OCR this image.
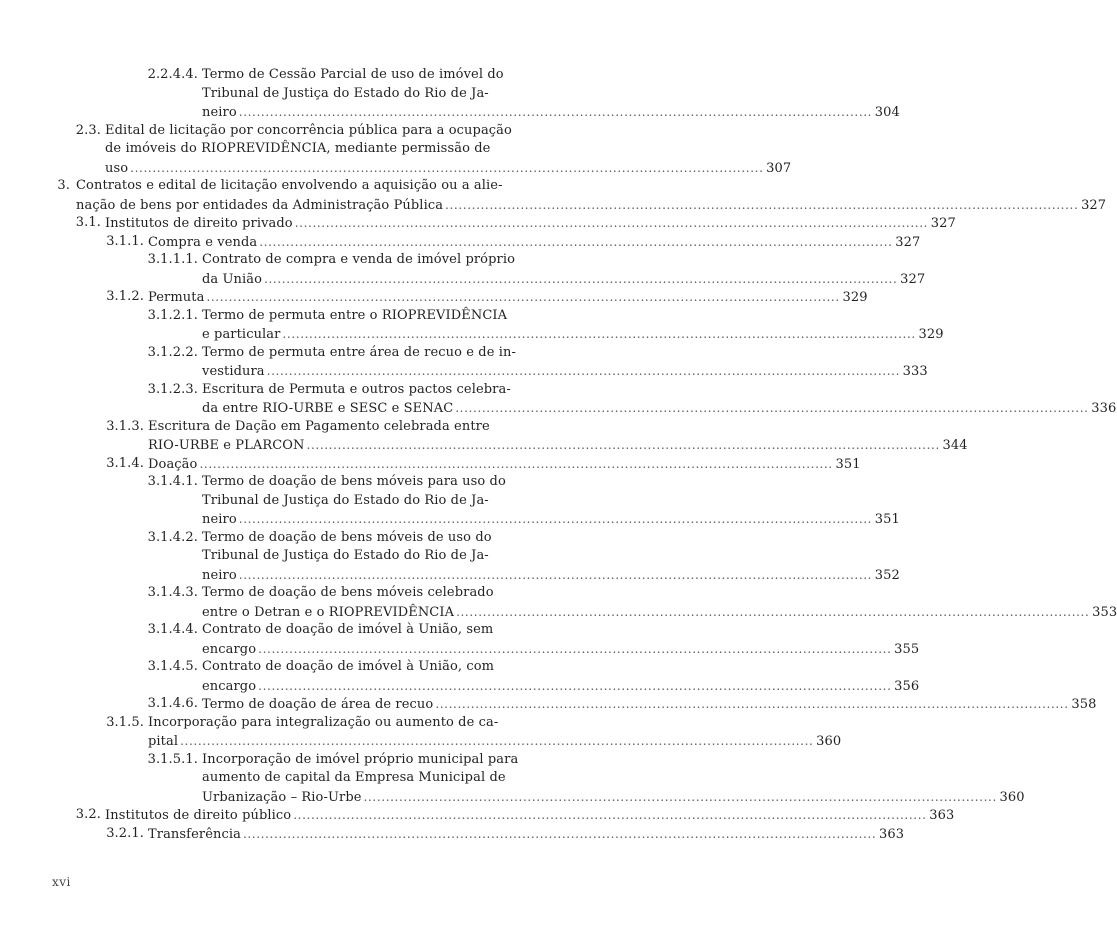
2.2.4.4. Termo de Cessão Parcial de uso de imóvel do
Tribunal de Justiça do Estado do Rio de Ja-
neiro . . .	304
2.3. Edital de licitação por concorrência pública para a ocupação
de imóveis do RIOPREVIDÊNCIA, mediante permissão de
uso . . .	307
3. Contratos e edital de licitação envolvendo a aquisição ou a alie-
nação de bens por entidades da Administração Pública . . .	327
3.1. Institutos de direito privado . . .	327
3.1.1. Compra e venda . . .	327
3.1.1.1. Contrato de compra e venda de imóvel próprio
da União . . .	327
3.1.2. Permuta . . .	329
3.1.2.1. Termo de permuta entre o RIOPREVIDÊNCIA
e particular . . .	329
3.1.2.2. Termo de permuta entre área de recuo e de in-
vestidura . . .	333
3.1.2.3. Escritura de Permuta e outros pactos celebra-
da entre RIO-URBE e SESC e SENAC . . .	336
3.1.3. Escritura de Dação em Pagamento celebrada entre
RIO-URBE e PLARCON . . .	344
3.1.4. Doação . . .	351
3.1.4.1. Termo de doação de bens móveis para uso do
Tribunal de Justiça do Estado do Rio de Ja-
neiro . . .	351
3.1.4.2. Termo de doação de bens móveis de uso do
Tribunal de Justiça do Estado do Rio de Ja-
neiro . . .	352
3.1.4.3. Termo de doação de bens móveis celebrado
entre o Detran e o RIOPREVIDÊNCIA . . .	353
3.1.4.4. Contrato de doação de imóvel à União, sem
encargo . . .	355
3.1.4.5. Contrato de doação de imóvel à União, com
encargo . . .	356
3.1.4.6. Termo de doação de área de recuo . . .	358
3.1.5. Incorporação para integralização ou aumento de ca-
pital . . .	360
3.1.5.1. Incorporação de imóvel próprio municipal para
aumento de capital da Empresa Municipal de
Urbanização – Rio-Urbe . . .	360
3.2. Institutos de direito público . . .	363
3.2.1. Transferência . . .	363
xvi
